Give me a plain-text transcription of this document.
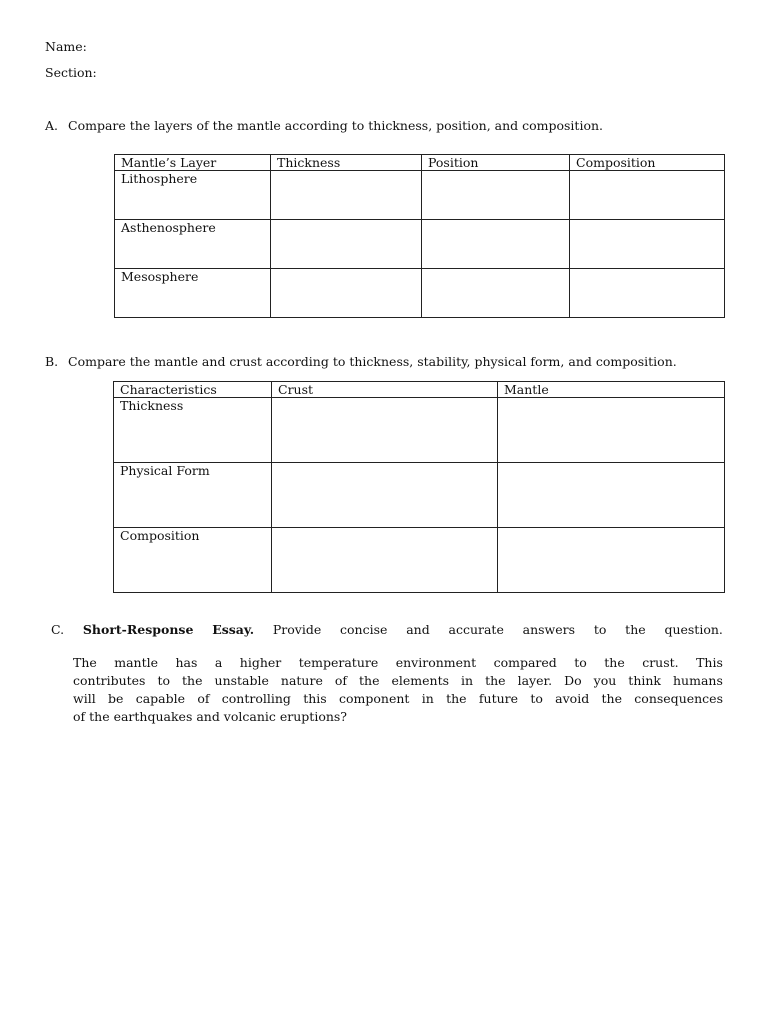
Name:
Section:
A. Compare the layers of the mantle according to thickness, position, and composition.
Mantle’s Layer	Thickness	Position	Composition
Lithosphere			
Asthenosphere			
Mesosphere			
B. Compare the mantle and crust according to thickness, stability, physical form, and composition.
Characteristics	Crust	Mantle
Thickness		
Physical Form		
Composition		
C. Short-Response Essay. Provide concise and accurate answers to the question.
The mantle has a higher temperature environment compared to the crust. This
contributes to the unstable nature of the elements in the layer. Do you think humans
will be capable of controlling this component in the future to avoid the consequences
of the earthquakes and volcanic eruptions?
